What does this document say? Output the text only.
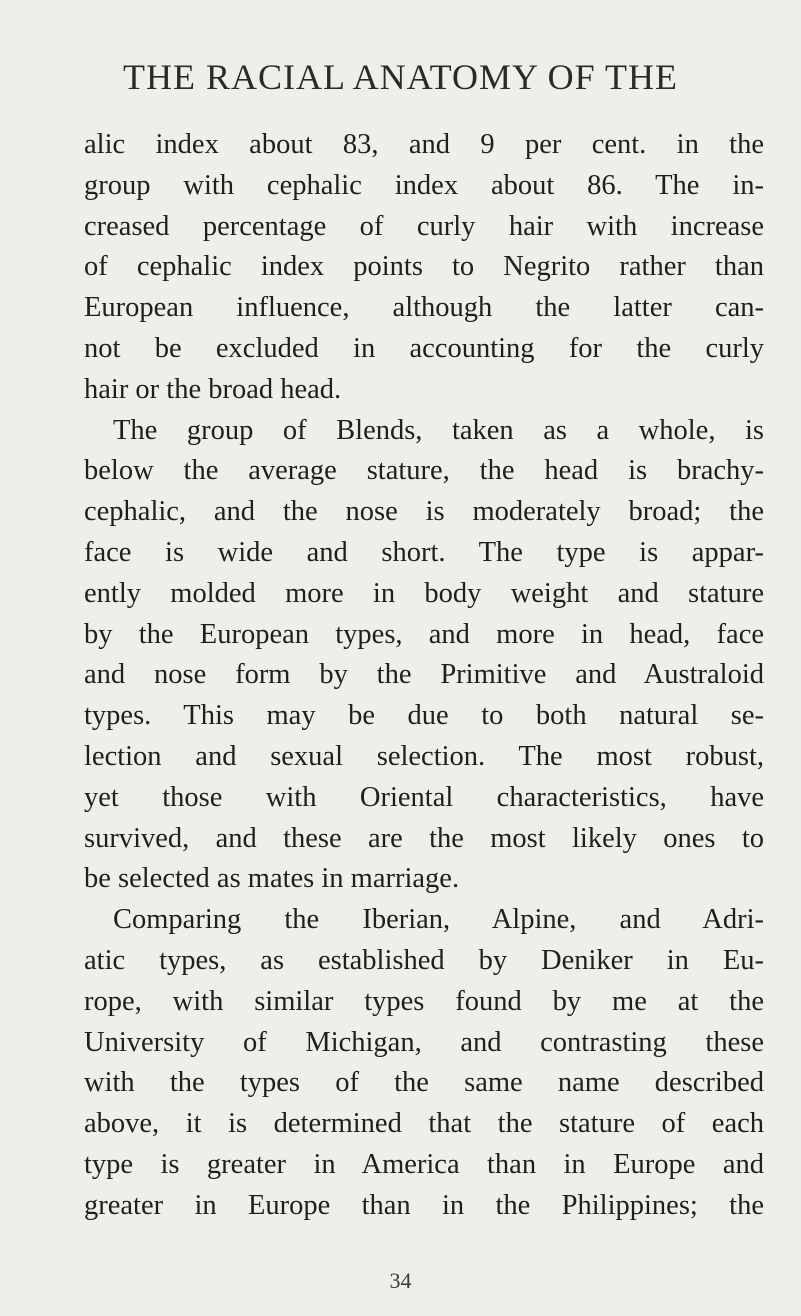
THE RACIAL ANATOMY OF THE
alic index about 83, and 9 per cent. in the
group with cephalic index about 86. The in-
creased percentage of curly hair with increase
of cephalic index points to Negrito rather than
European influence, although the latter can-
not be excluded in accounting for the curly
hair or the broad head.
The group of Blends, taken as a whole, is
below the average stature, the head is brachy-
cephalic, and the nose is moderately broad; the
face is wide and short. The type is appar-
ently molded more in body weight and stature
by the European types, and more in head, face
and nose form by the Primitive and Australoid
types. This may be due to both natural se-
lection and sexual selection. The most robust,
yet those with Oriental characteristics, have
survived, and these are the most likely ones to
be selected as mates in marriage.
Comparing the Iberian, Alpine, and Adri-
atic types, as established by Deniker in Eu-
rope, with similar types found by me at the
University of Michigan, and contrasting these
with the types of the same name described
above, it is determined that the stature of each
type is greater in America than in Europe and
greater in Europe than in the Philippines; the
34
